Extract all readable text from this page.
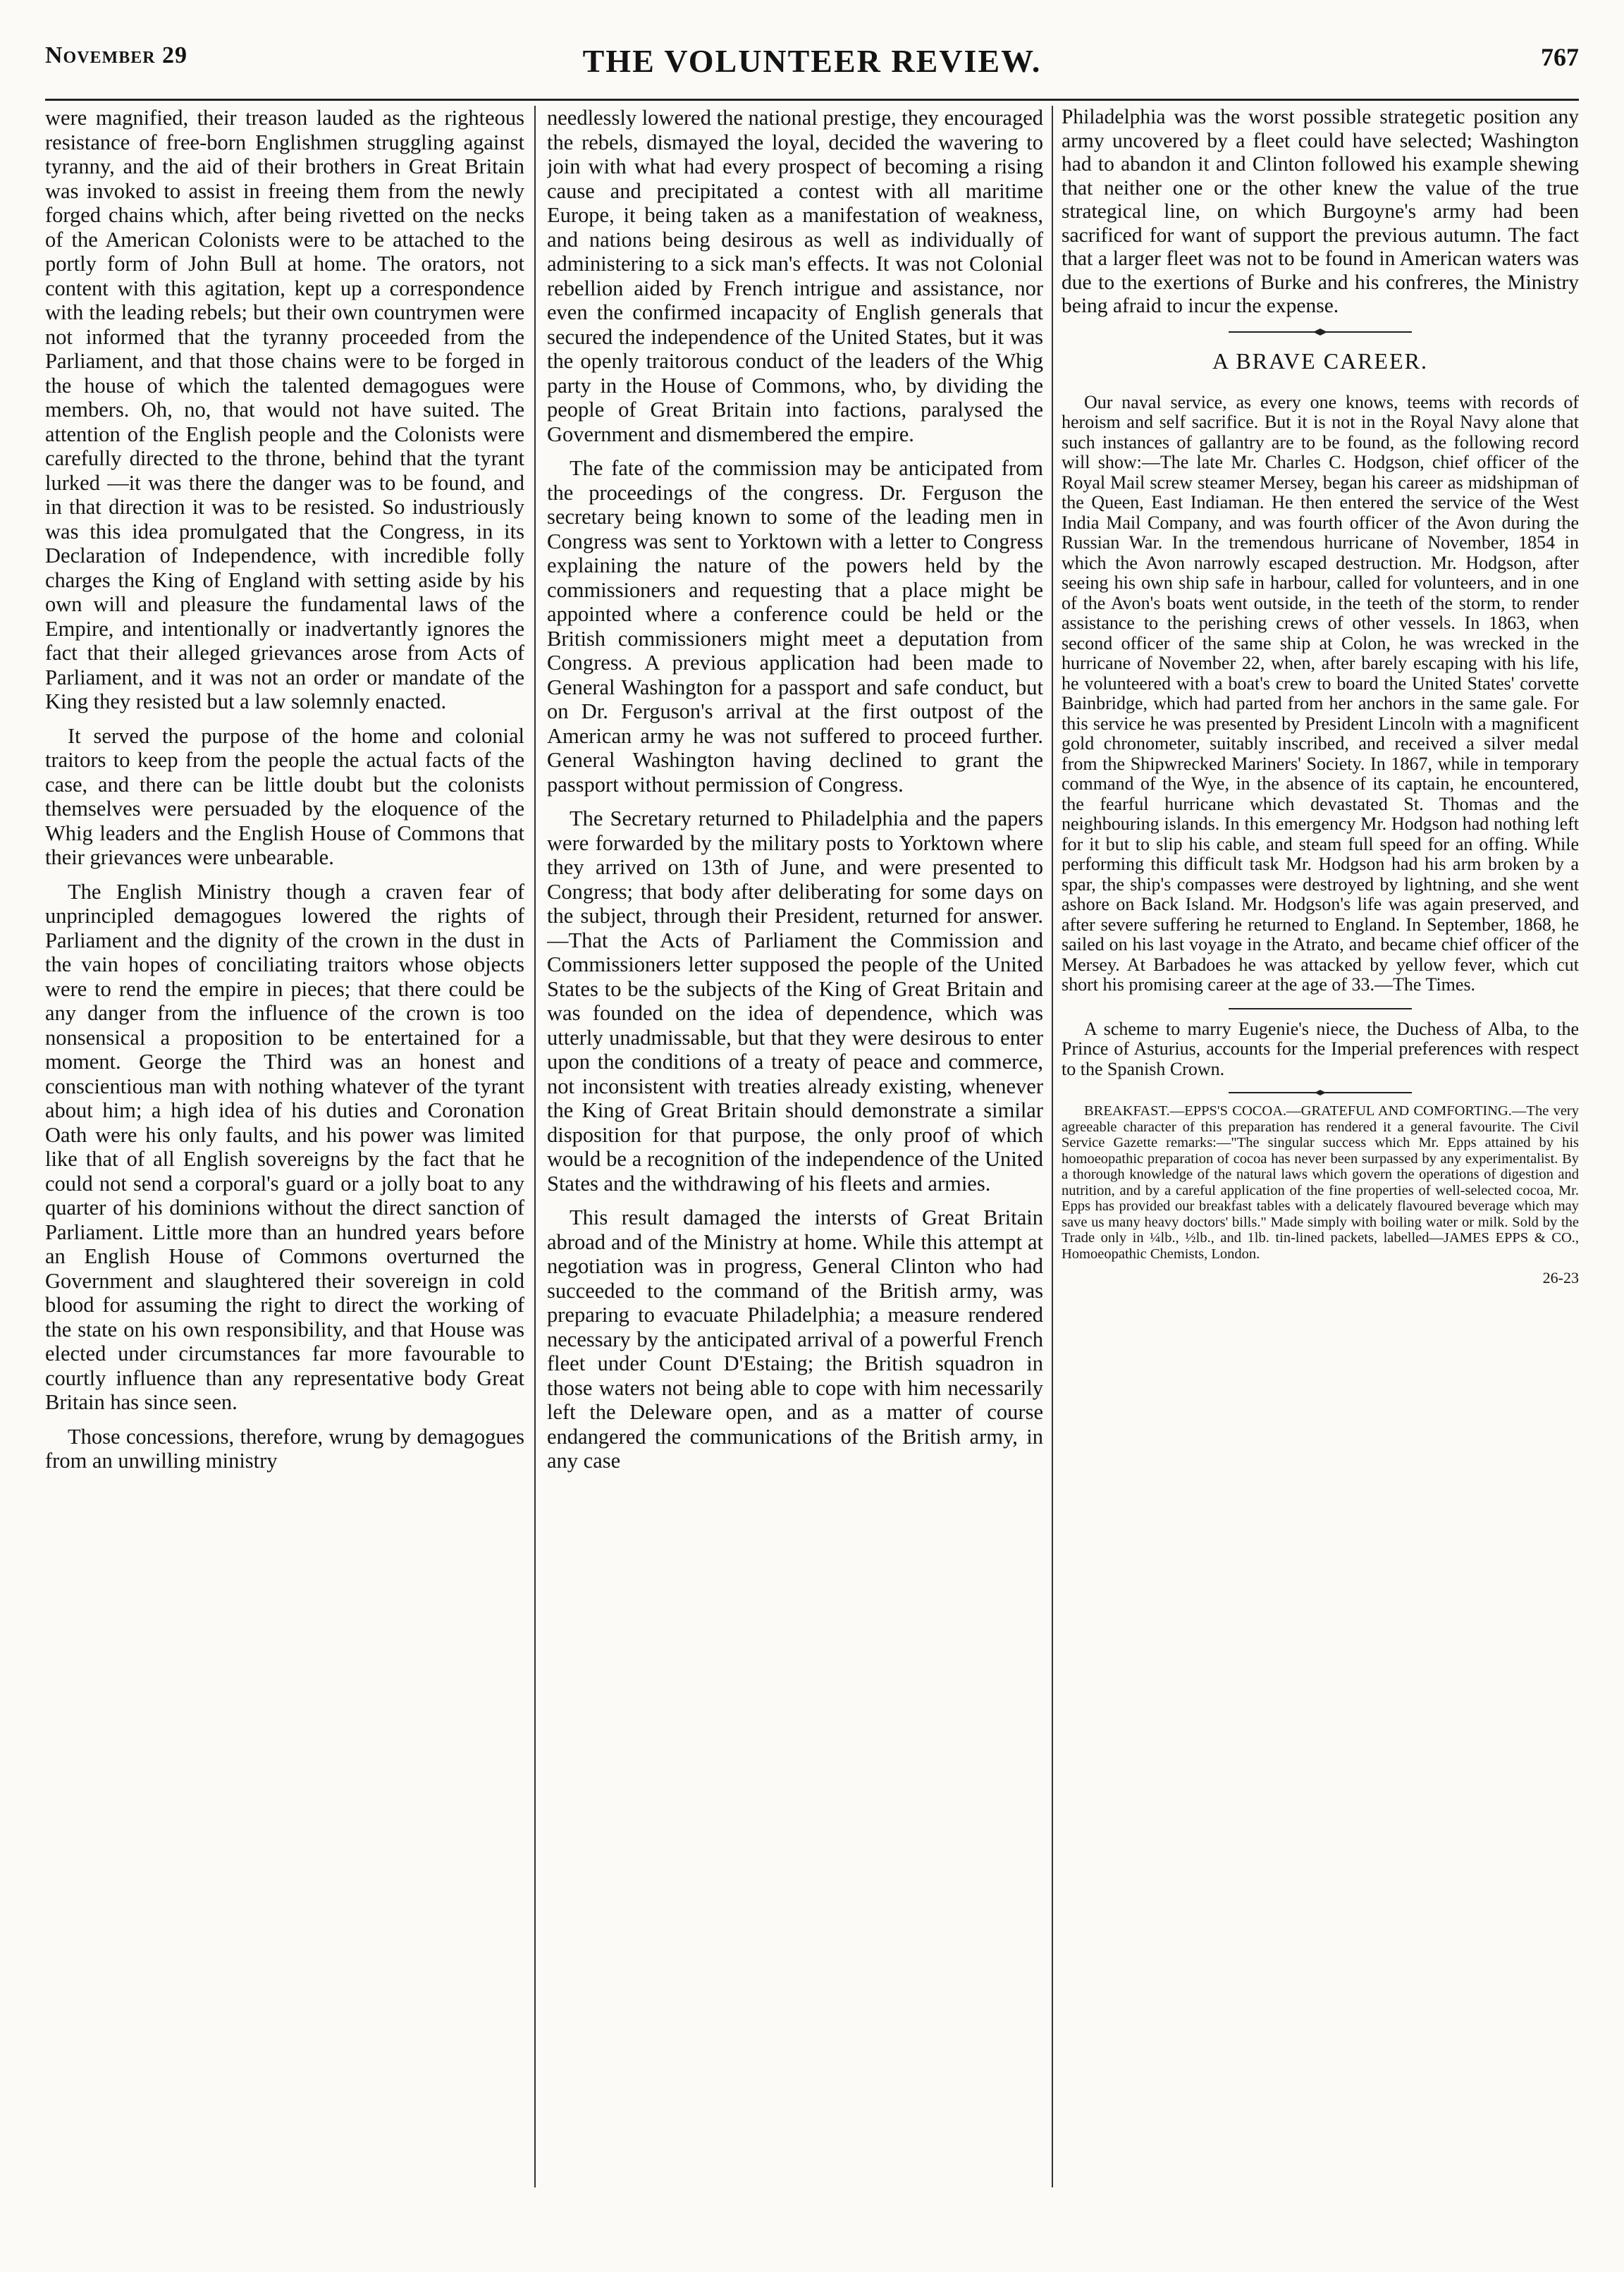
November 29	THE VOLUNTEER REVIEW.	767

were magnified, their treason lauded as the righteous resistance of free-born Englishmen struggling against tyranny, and the aid of their brothers in Great Britain was invoked to assist in freeing them from the newly forged chains which, after being rivetted on the necks of the American Colonists were to be attached to the portly form of John Bull at home. The orators, not content with this agitation, kept up a correspondence with the leading rebels; but their own countrymen were not informed that the tyranny proceeded from the Parliament, and that those chains were to be forged in the house of which the talented demagogues were members. Oh, no, that would not have suited. The attention of the English people and the Colonists were carefully directed to the throne, behind that the tyrant lurked —it was there the danger was to be found, and in that direction it was to be resisted. So industriously was this idea promulgated that the Congress, in its Declaration of Independence, with incredible folly charges the King of England with setting aside by his own will and pleasure the fundamental laws of the Empire, and intentionally or inadvertantly ignores the fact that their alleged grievances arose from Acts of Parliament, and it was not an order or mandate of the King they resisted but a law solemnly enacted.

It served the purpose of the home and colonial traitors to keep from the people the actual facts of the case, and there can be little doubt but the colonists themselves were persuaded by the eloquence of the Whig leaders and the English House of Commons that their grievances were unbearable.

The English Ministry though a craven fear of unprincipled demagogues lowered the rights of Parliament and the dignity of the crown in the dust in the vain hopes of conciliating traitors whose objects were to rend the empire in pieces; that there could be any danger from the influence of the crown is too nonsensical a proposition to be entertained for a moment. George the Third was an honest and conscientious man with nothing whatever of the tyrant about him; a high idea of his duties and Coronation Oath were his only faults, and his power was limited like that of all English sovereigns by the fact that he could not send a corporal's guard or a jolly boat to any quarter of his dominions without the direct sanction of Parliament. Little more than an hundred years before an English House of Commons overturned the Government and slaughtered their sovereign in cold blood for assuming the right to direct the working of the state on his own responsibility, and that House was elected under circumstances far more favourable to courtly influence than any representative body Great Britain has since seen.

Those concessions, therefore, wrung by demagogues from an unwilling ministry

needlessly lowered the national prestige, they encouraged the rebels, dismayed the loyal, decided the wavering to join with what had every prospect of becoming a rising cause and precipitated a contest with all maritime Europe, it being taken as a manifestation of weakness, and nations being desirous as well as individually of administering to a sick man's effects. It was not Colonial rebellion aided by French intrigue and assistance, nor even the confirmed incapacity of English generals that secured the independence of the United States, but it was the openly traitorous conduct of the leaders of the Whig party in the House of Commons, who, by dividing the people of Great Britain into factions, paralysed the Government and dismembered the empire.

The fate of the commission may be anticipated from the proceedings of the congress. Dr. Ferguson the secretary being known to some of the leading men in Congress was sent to Yorktown with a letter to Congress explaining the nature of the powers held by the commissioners and requesting that a place might be appointed where a conference could be held or the British commissioners might meet a deputation from Congress. A previous application had been made to General Washington for a passport and safe conduct, but on Dr. Ferguson's arrival at the first outpost of the American army he was not suffered to proceed further. General Washington having declined to grant the passport without permission of Congress.

The Secretary returned to Philadelphia and the papers were forwarded by the military posts to Yorktown where they arrived on 13th of June, and were presented to Congress; that body after deliberating for some days on the subject, through their President, returned for answer.—That the Acts of Parliament the Commission and Commissioners letter supposed the people of the United States to be the subjects of the King of Great Britain and was founded on the idea of dependence, which was utterly unadmissable, but that they were desirous to enter upon the conditions of a treaty of peace and commerce, not inconsistent with treaties already existing, whenever the King of Great Britain should demonstrate a similar disposition for that purpose, the only proof of which would be a recognition of the independence of the United States and the withdrawing of his fleets and armies.

This result damaged the intersts of Great Britain abroad and of the Ministry at home. While this attempt at negotiation was in progress, General Clinton who had succeeded to the command of the British army, was preparing to evacuate Philadelphia; a measure rendered necessary by the anticipated arrival of a powerful French fleet under Count D'Estaing; the British squadron in those waters not being able to cope with him necessarily left the Deleware open, and as a matter of course endangered the communications of the British army, in any case

Philadelphia was the worst possible strategetic position any army uncovered by a fleet could have selected; Washington had to abandon it and Clinton followed his example shewing that neither one or the other knew the value of the true strategical line, on which Burgoyne's army had been sacrificed for want of support the previous autumn. The fact that a larger fleet was not to be found in American waters was due to the exertions of Burke and his confreres, the Ministry being afraid to incur the expense.

A BRAVE CAREER.

Our naval service, as every one knows, teems with records of heroism and self sacrifice. But it is not in the Royal Navy alone that such instances of gallantry are to be found, as the following record will show:—The late Mr. Charles C. Hodgson, chief officer of the Royal Mail screw steamer Mersey, began his career as midshipman of the Queen, East Indiaman. He then entered the service of the West India Mail Company, and was fourth officer of the Avon during the Russian War. In the tremendous hurricane of November, 1854 in which the Avon narrowly escaped destruction. Mr. Hodgson, after seeing his own ship safe in harbour, called for volunteers, and in one of the Avon's boats went outside, in the teeth of the storm, to render assistance to the perishing crews of other vessels. In 1863, when second officer of the same ship at Colon, he was wrecked in the hurricane of November 22, when, after barely escaping with his life, he volunteered with a boat's crew to board the United States' corvette Bainbridge, which had parted from her anchors in the same gale. For this service he was presented by President Lincoln with a magnificent gold chronometer, suitably inscribed, and received a silver medal from the Shipwrecked Mariners' Society. In 1867, while in temporary command of the Wye, in the absence of its captain, he encountered, the fearful hurricane which devastated St. Thomas and the neighbouring islands. In this emergency Mr. Hodgson had nothing left for it but to slip his cable, and steam full speed for an offing. While performing this difficult task Mr. Hodgson had his arm broken by a spar, the ship's compasses were destroyed by lightning, and she went ashore on Back Island. Mr. Hodgson's life was again preserved, and after severe suffering he returned to England. In September, 1868, he sailed on his last voyage in the Atrato, and became chief officer of the Mersey. At Barbadoes he was attacked by yellow fever, which cut short his promising career at the age of 33.—The Times.

A scheme to marry Eugenie's niece, the Duchess of Alba, to the Prince of Asturius, accounts for the Imperial preferences with respect to the Spanish Crown.

BREAKFAST.—EPPS'S COCOA.—GRATEFUL AND COMFORTING.—The very agreeable character of this preparation has rendered it a general favourite. The Civil Service Gazette remarks:—"The singular success which Mr. Epps attained by his homoeopathic preparation of cocoa has never been surpassed by any experimentalist. By a thorough knowledge of the natural laws which govern the operations of digestion and nutrition, and by a careful application of the fine properties of well-selected cocoa, Mr. Epps has provided our breakfast tables with a delicately flavoured beverage which may save us many heavy doctors' bills." Made simply with boiling water or milk. Sold by the Trade only in ¼lb., ½lb., and 1lb. tin-lined packets, labelled—JAMES EPPS & CO., Homoeopathic Chemists, London.

26-23
